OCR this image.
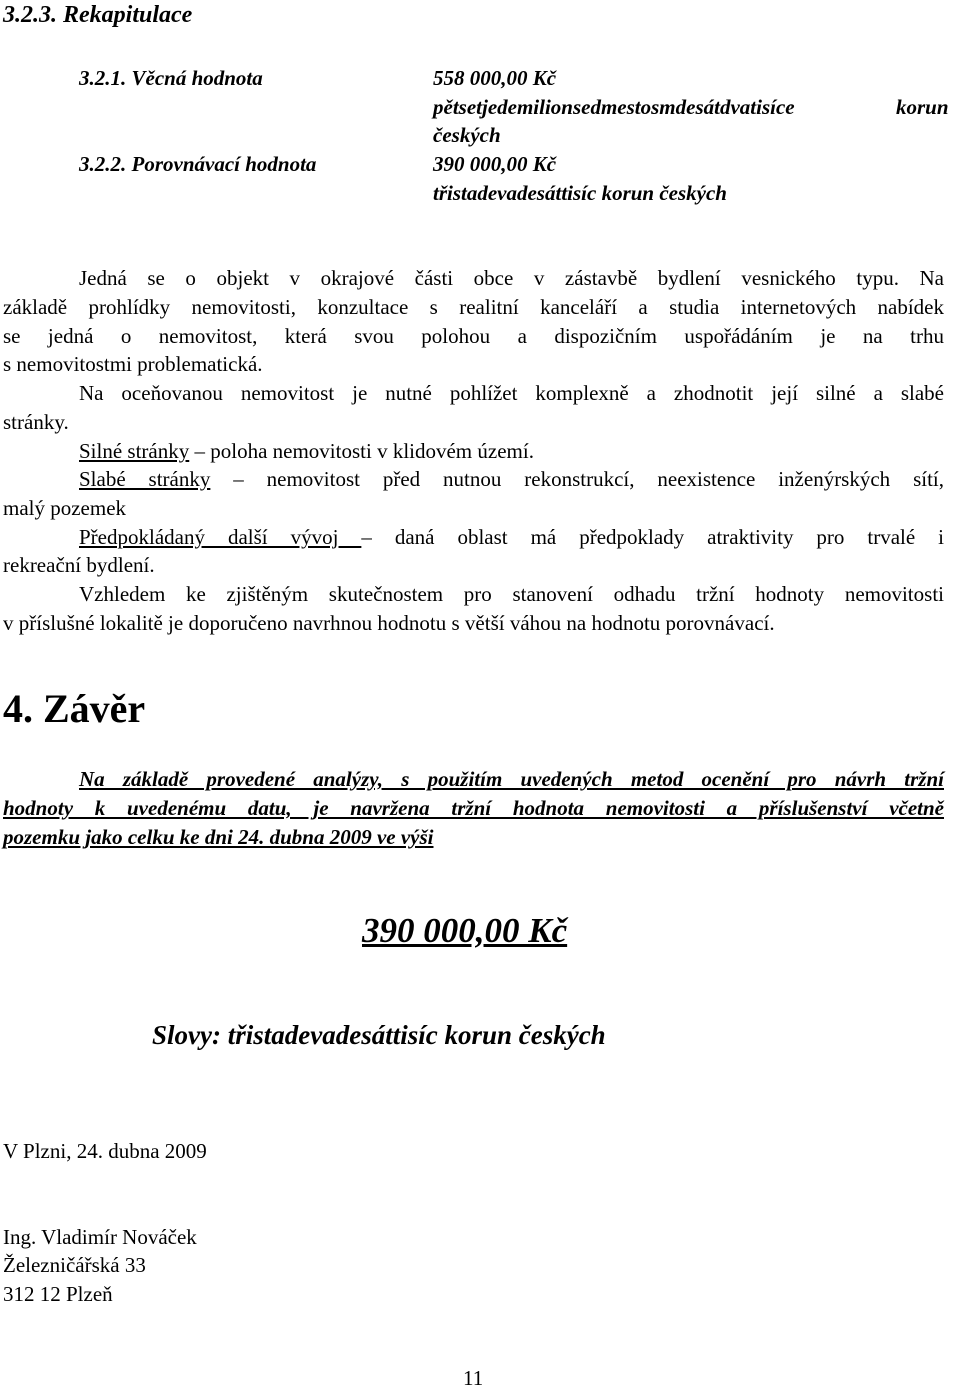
3.2.3. Rekapitulace
3.2.1. Věcná hodnota	558 000,00 Kč
pětsetjedemilionsedmestosmdesátdvatisíce	korun
českých
3.2.2. Porovnávací hodnota	390 000,00 Kč
třistadevadesáttisíc korun českých
Jedná se o objekt v okrajové části obce v zástavbě bydlení vesnického typu. Na
základě prohlídky nemovitosti, konzultace s realitní kanceláří a studia internetových nabídek
se jedná o nemovitost, která svou polohou a dispozičním uspořádáním je na trhu
s nemovitostmi problematická.
Na oceňovanou nemovitost je nutné pohlížet komplexně a zhodnotit její silné a slabé
stránky.
Silné stránky – poloha nemovitosti v klidovém území.
Slabé stránky – nemovitost před nutnou rekonstrukcí, neexistence inženýrských sítí,
malý pozemek
Předpokládaný další vývoj – daná oblast má předpoklady atraktivity pro trvalé i
rekreační bydlení.
Vzhledem ke zjištěným skutečnostem pro stanovení odhadu tržní hodnoty nemovitosti
v příslušné lokalitě je doporučeno navrhnou hodnotu s větší váhou na hodnotu porovnávací.
4. Závěr
Na základě provedené analýzy, s použitím uvedených metod ocenění pro návrh tržní
hodnoty k uvedenému datu, je navržena tržní hodnota nemovitosti a příslušenství včetně
pozemku jako celku ke dni 24. dubna 2009 ve výši
390 000,00 Kč
Slovy: třistadevadesáttisíc korun českých
V Plzni, 24. dubna 2009
Ing. Vladimír Nováček
Železničářská 33
312 12 Plzeň
11
